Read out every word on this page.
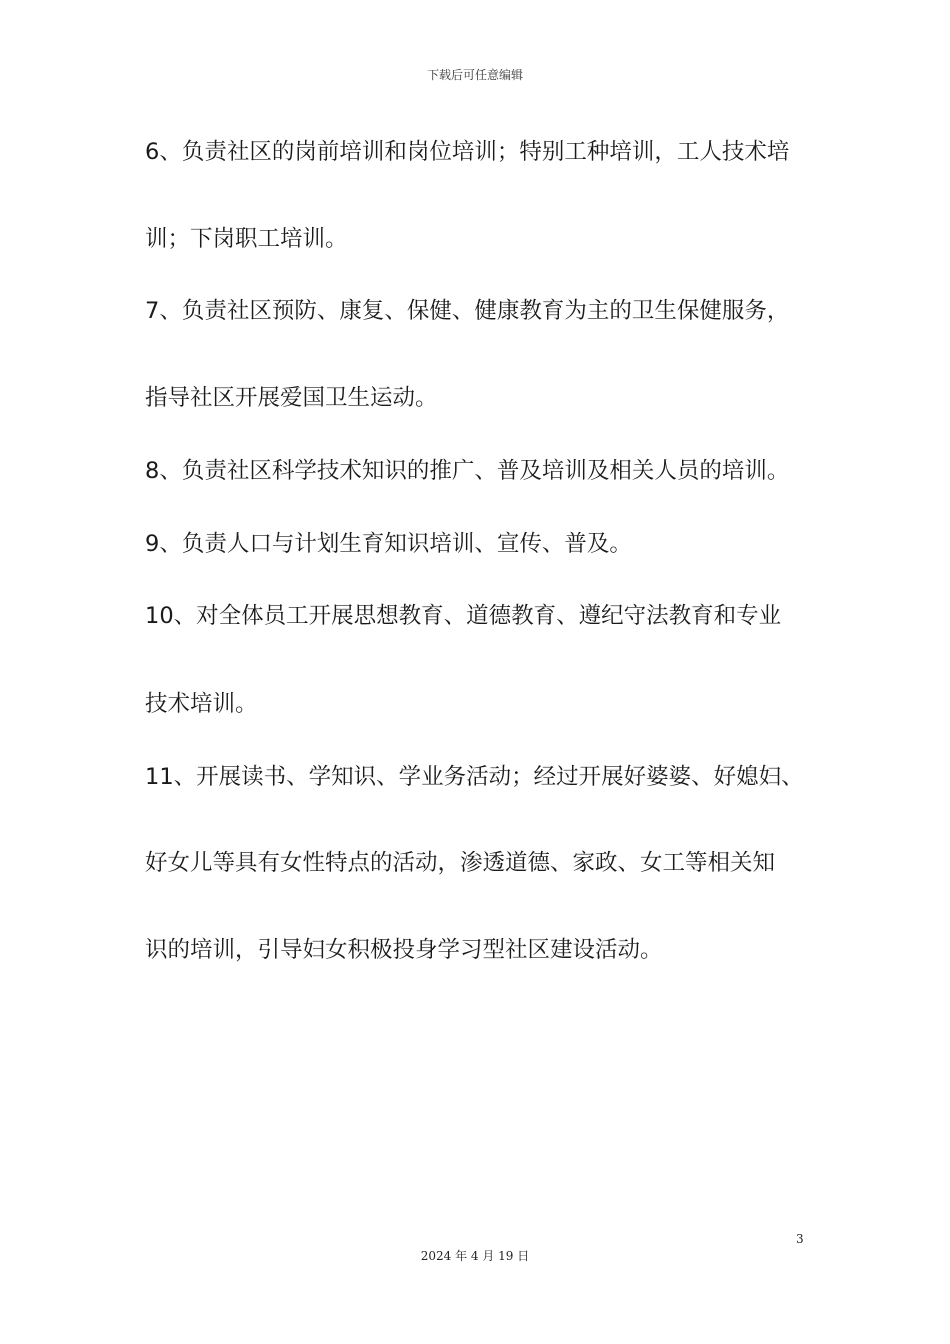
下载后可任意编辑
6、负责社区的岗前培训和岗位培训；特别工种培训，工人技术培
训；下岗职工培训。
7、负责社区预防、康复、保健、健康教育为主的卫生保健服务，
指导社区开展爱国卫生运动。
8、负责社区科学技术知识的推广、普及培训及相关人员的培训。
9、负责人口与计划生育知识培训、宣传、普及。
10、对全体员工开展思想教育、道德教育、遵纪守法教育和专业
技术培训。
11、开展读书、学知识、学业务活动；经过开展好婆婆、好媳妇、
好女儿等具有女性特点的活动，渗透道德、家政、女工等相关知
识的培训，引导妇女积极投身学习型社区建设活动。
3
2024 年 4 月 19 日
